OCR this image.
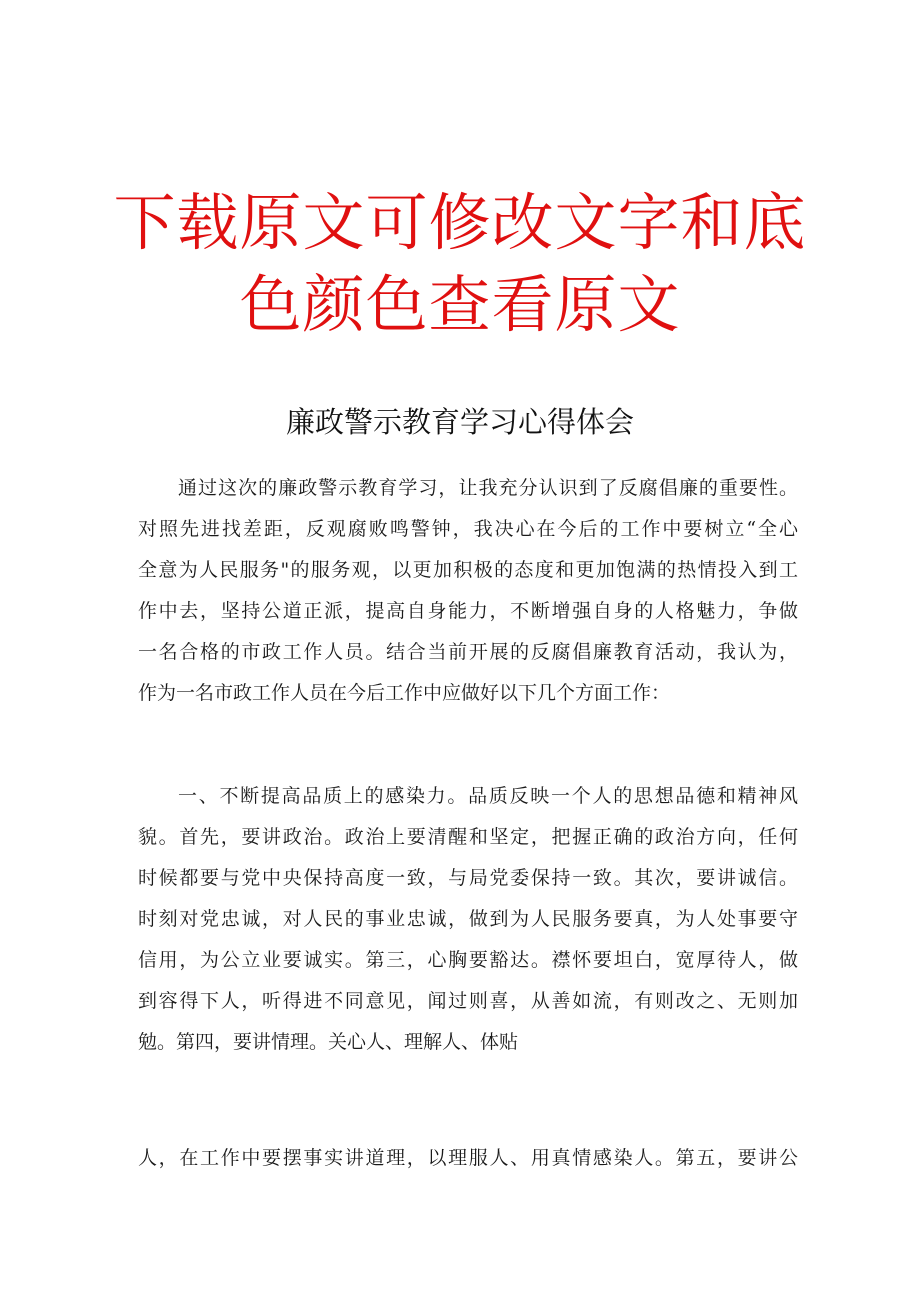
下载原文可修改文字和底
色颜色查看原文
廉政警示教育学习心得体会
通过这次的廉政警示教育学习，让我充分认识到了反腐倡廉的重要性。
对照先进找差距，反观腐败鸣警钟，我决心在今后的工作中要树立“全心
全意为人民服务"的服务观，以更加积极的态度和更加饱满的热情投入到工
作中去，坚持公道正派，提高自身能力，不断增强自身的人格魅力，争做
一名合格的市政工作人员。结合当前开展的反腐倡廉教育活动，我认为，
作为一名市政工作人员在今后工作中应做好以下几个方面工作：
一、不断提高品质上的感染力。品质反映一个人的思想品德和精神风
貌。首先，要讲政治。政治上要清醒和坚定，把握正确的政治方向，任何
时候都要与党中央保持高度一致，与局党委保持一致。其次，要讲诚信。
时刻对党忠诚，对人民的事业忠诚，做到为人民服务要真，为人处事要守
信用，为公立业要诚实。第三，心胸要豁达。襟怀要坦白，宽厚待人，做
到容得下人，听得进不同意见，闻过则喜，从善如流，有则改之、无则加
勉。第四，要讲情理。关心人、理解人、体贴
人，在工作中要摆事实讲道理，以理服人、用真情感染人。第五，要讲公
